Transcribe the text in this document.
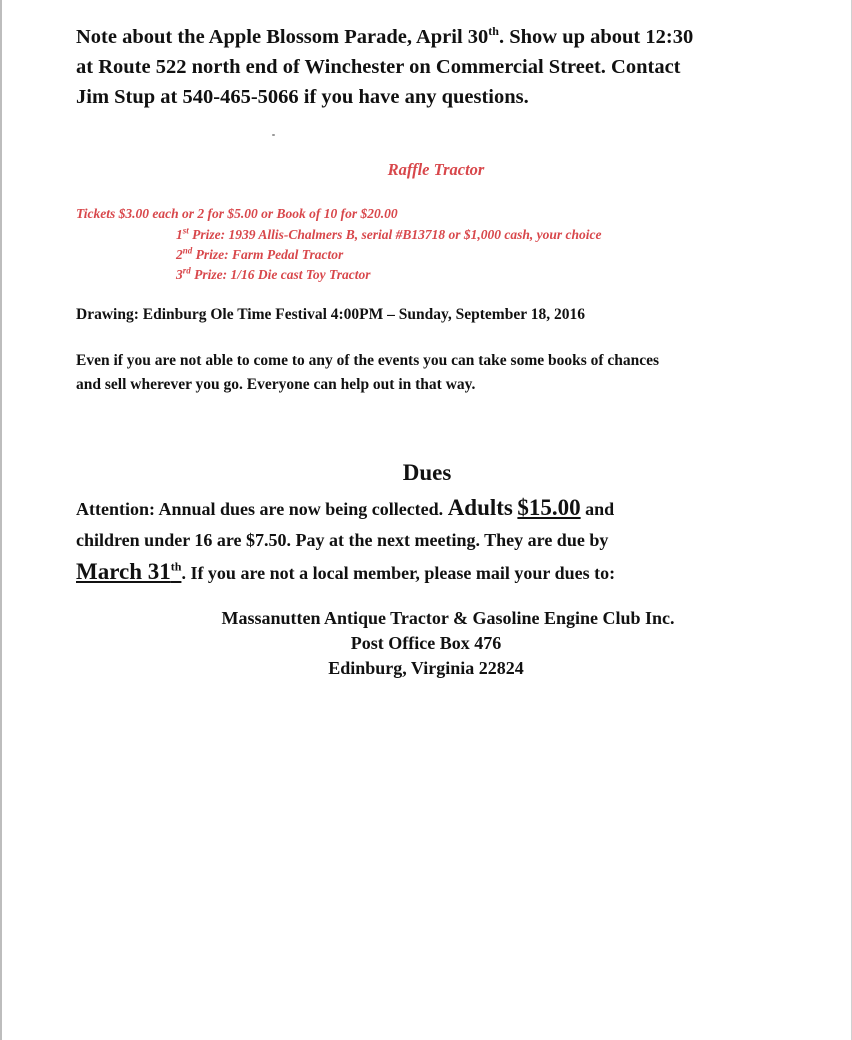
Note about the Apple Blossom Parade, April 30th. Show up about 12:30
at Route 522 north end of Winchester on Commercial Street. Contact
Jim Stup at 540-465-5066 if you have any questions.

Raffle Tractor

Tickets $3.00 each or 2 for $5.00 or Book of 10 for $20.00

1st Prize: 1939 Allis-Chalmers B, serial #B13718 or $1,000 cash, your choice
2nd Prize: Farm Pedal Tractor
3rd Prize: 1/16 Die cast Toy Tractor

Drawing: Edinburg Ole Time Festival 4:00PM – Sunday, September 18, 2016

Even if you are not able to come to any of the events you can take some books of chances
and sell wherever you go. Everyone can help out in that way.

Dues

Attention: Annual dues are now being collected. Adults $15.00 and
children under 16 are $7.50. Pay at the next meeting. They are due by
March 31th. If you are not a local member, please mail your dues to:

Massanutten Antique Tractor & Gasoline Engine Club Inc.
Post Office Box 476
Edinburg, Virginia 22824
